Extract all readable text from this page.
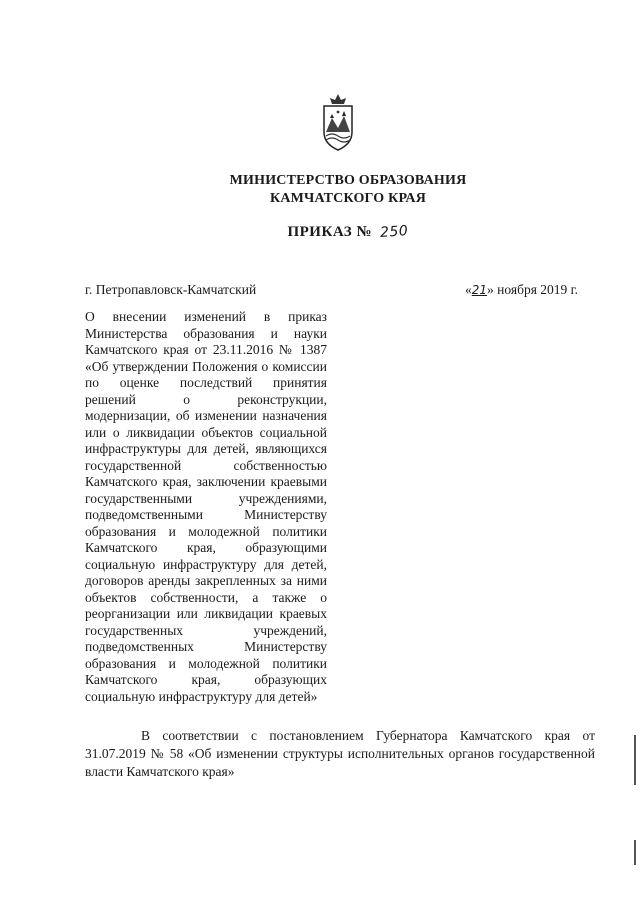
МИНИСТЕРСТВО ОБРАЗОВАНИЯ
КАМЧАТСКОГО КРАЯ
ПРИКАЗ № 250
г. Петропавловск-Камчатский	«21» ноября 2019 г.
О внесении изменений в приказ Министерства образования и науки Камчатского края от 23.11.2016 № 1387 «Об утверждении Положения о комиссии по оценке последствий принятия решений о реконструкции, модернизации, об изменении назначения или о ликвидации объектов социальной инфраструктуры для детей, являющихся государственной собственностью Камчатского края, заключении краевыми государственными учреждениями, подведомственными Министерству образования и молодежной политики Камчатского края, образующими социальную инфраструктуру для детей, договоров аренды закрепленных за ними объектов собственности, а также о реорганизации или ликвидации краевых государственных учреждений, подведомственных Министерству образования и молодежной политики Камчатского края, образующих социальную инфраструктуру для детей»
В соответствии с постановлением Губернатора Камчатского края от 31.07.2019 № 58 «Об изменении структуры исполнительных органов государственной власти Камчатского края»
